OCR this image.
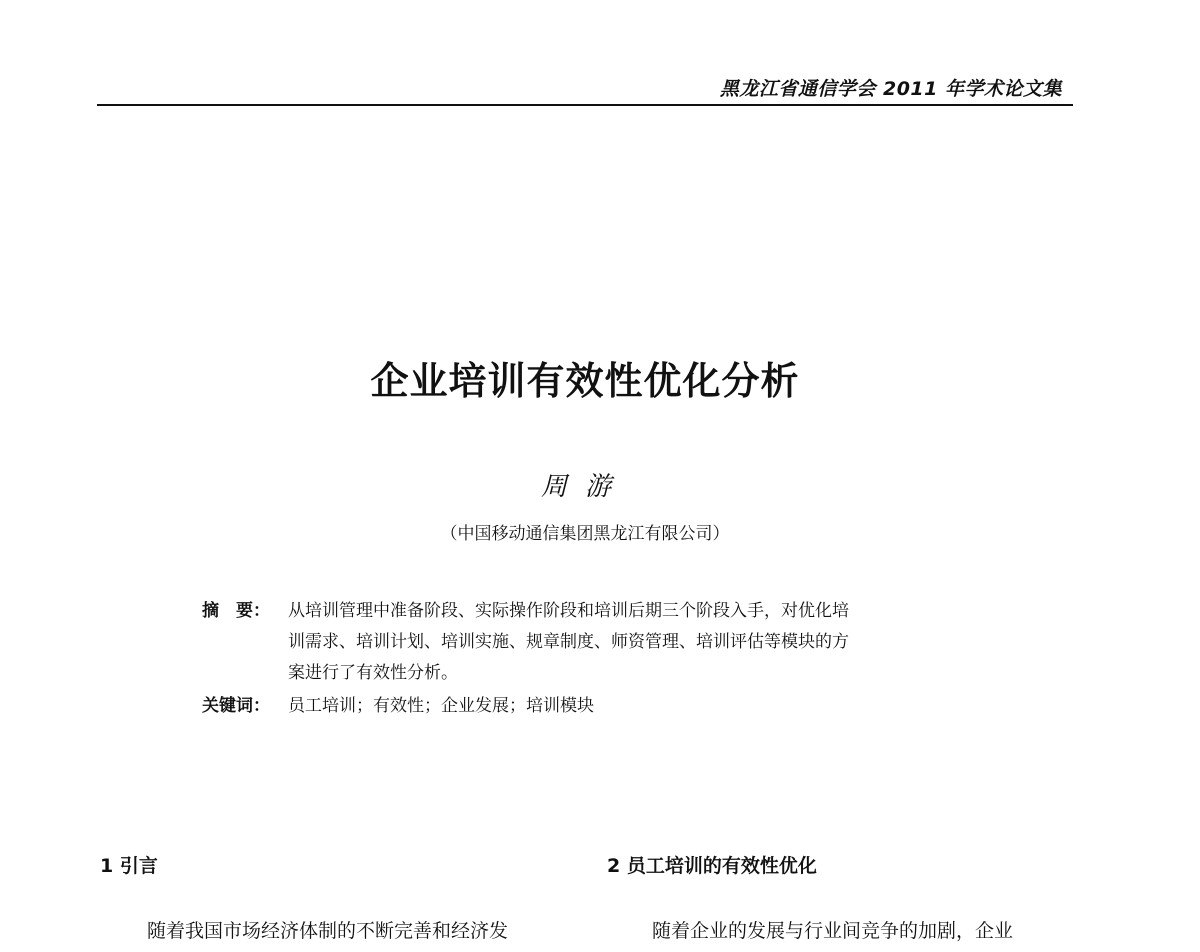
黑龙江省通信学会 2011 年学术论文集
企业培训有效性优化分析
周游
（中国移动通信集团黑龙江有限公司）
摘　要：	从培训管理中准备阶段、实际操作阶段和培训后期三个阶段入手，对优化培
训需求、培训计划、培训实施、规章制度、师资管理、培训评估等模块的方
案进行了有效性分析。
关键词：	员工培训；有效性；企业发展；培训模块
1 引言
随着我国市场经济体制的不断完善和经济发
2 员工培训的有效性优化
随着企业的发展与行业间竞争的加剧，企业
